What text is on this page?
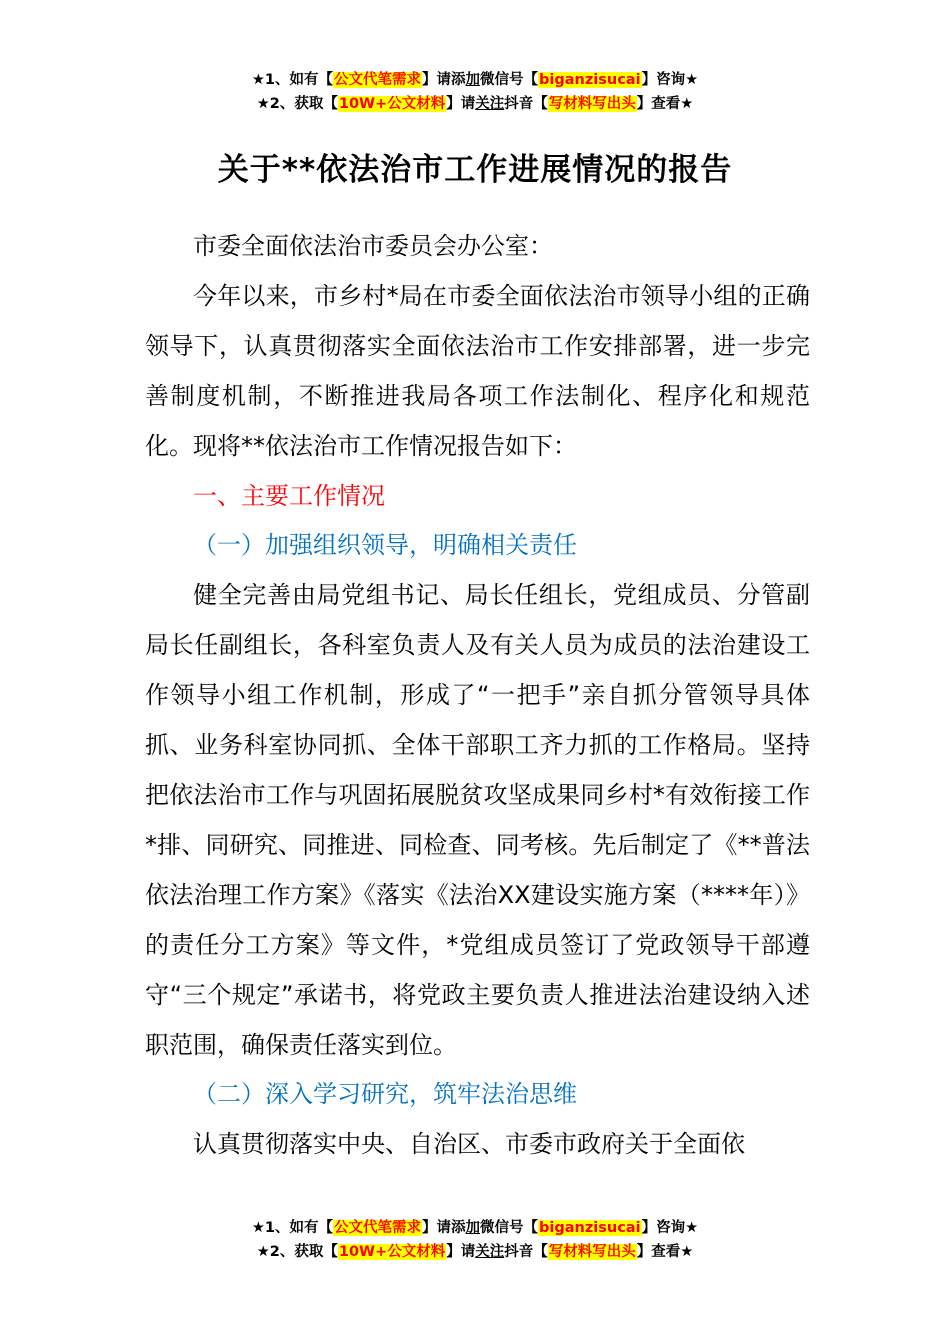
★1、如有【公文代笔需求】请添加微信号【biganzisucai】咨询★
★2、获取【10W+公文材料】请关注抖音【写材料写出头】查看★
关于**依法治市工作进展情况的报告

市委全面依法治市委员会办公室：

今年以来，市乡村*局在市委全面依法治市领导小组的正确领导下，认真贯彻落实全面依法治市工作安排部署，进一步完善制度机制，不断推进我局各项工作法制化、程序化和规范化。现将**依法治市工作情况报告如下：

一、主要工作情况

（一）加强组织领导，明确相关责任

健全完善由局党组书记、局长任组长，党组成员、分管副局长任副组长，各科室负责人及有关人员为成员的法治建设工作领导小组工作机制，形成了“一把手”亲自抓分管领导具体抓、业务科室协同抓、全体干部职工齐力抓的工作格局。坚持把依法治市工作与巩固拓展脱贫攻坚成果同乡村*有效衔接工作*排、同研究、同推进、同检查、同考核。先后制定了《**普法依法治理工作方案》《落实《法治XX建设实施方案（****年）》的责任分工方案》等文件，*党组成员签订了党政领导干部遵守“三个规定”承诺书，将党政主要负责人推进法治建设纳入述职范围，确保责任落实到位。

（二）深入学习研究，筑牢法治思维

认真贯彻落实中央、自治区、市委市政府关于全面依

★1、如有【公文代笔需求】请添加微信号【biganzisucai】咨询★
★2、获取【10W+公文材料】请关注抖音【写材料写出头】查看★
